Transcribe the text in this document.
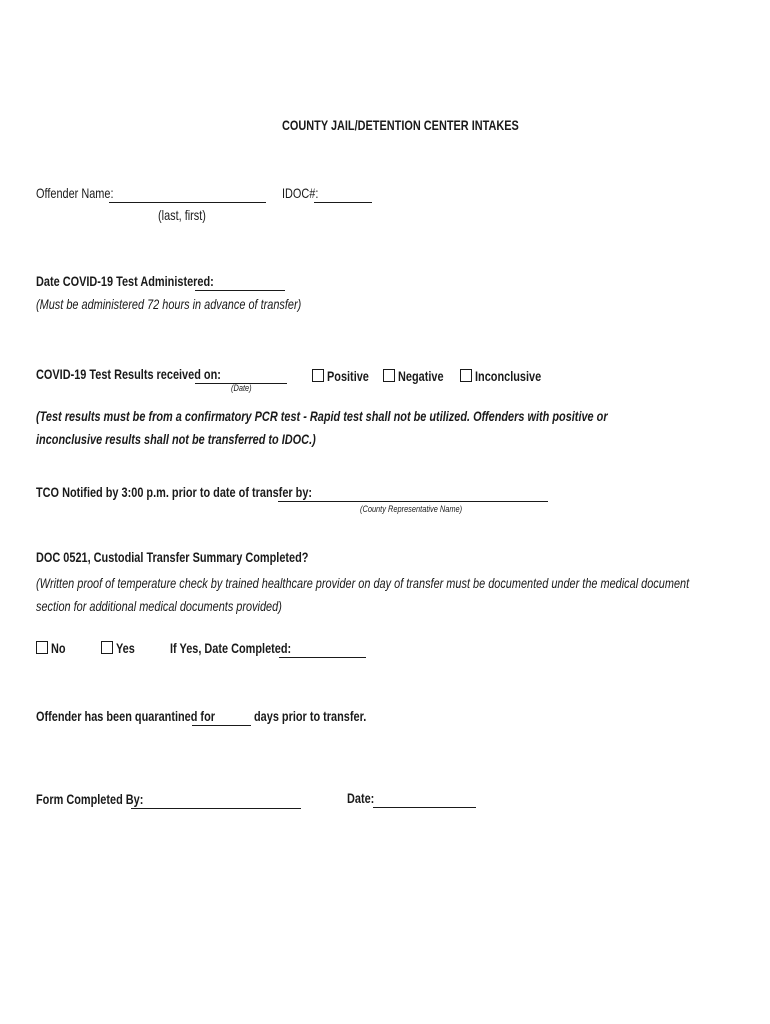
COUNTY JAIL/DETENTION CENTER INTAKES
Offender Name:
(last, first)
IDOC#:
Date COVID-19 Test Administered:
(Must be administered 72 hours in advance of transfer)
COVID-19 Test Results received on:
(Date)
Positive	Negative	Inconclusive
(Test results must be from a confirmatory PCR test - Rapid test shall not be utilized. Offenders with positive or inconclusive results shall not be transferred to IDOC.)
TCO Notified by 3:00 p.m. prior to date of transfer by:
(County Representative Name)
DOC 0521, Custodial Transfer Summary Completed?
(Written proof of temperature check by trained healthcare provider on day of transfer must be documented under the medical document section for additional medical documents provided)
No	Yes	If Yes, Date Completed:
Offender has been quarantined for	days prior to transfer.
Form Completed By:	Date:
